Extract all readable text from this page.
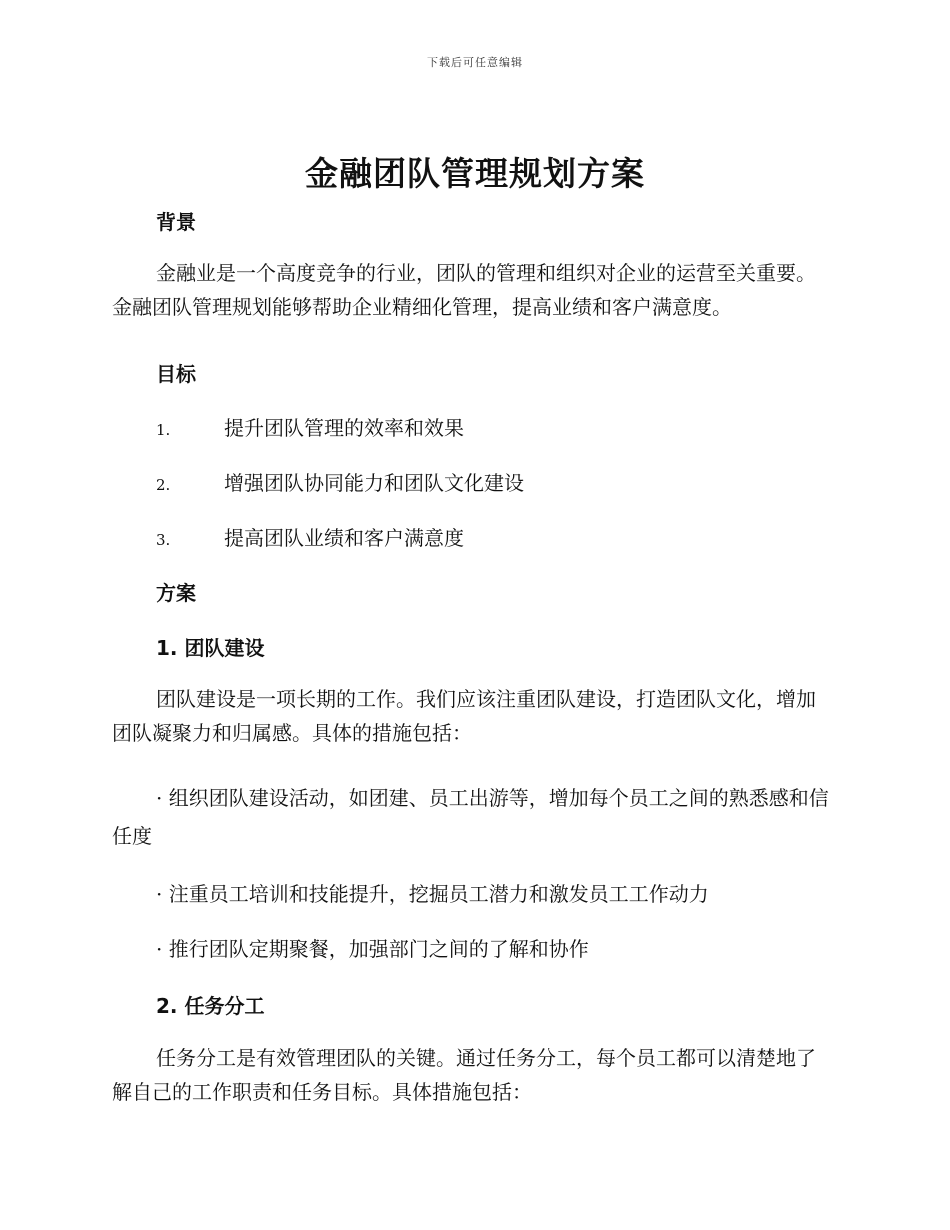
下载后可任意编辑
金融团队管理规划方案
背景

金融业是一个高度竞争的行业，团队的管理和组织对企业的运营至关重要。金融团队管理规划能够帮助企业精细化管理，提高业绩和客户满意度。

目标
1.	提升团队管理的效率和效果
2.	增强团队协同能力和团队文化建设
3.	提高团队业绩和客户满意度
方案
1. 团队建设

团队建设是一项长期的工作。我们应该注重团队建设，打造团队文化，增加团队凝聚力和归属感。具体的措施包括：

· 组织团队建设活动，如团建、员工出游等，增加每个员工之间的熟悉感和信任度

· 注重员工培训和技能提升，挖掘员工潜力和激发员工工作动力

· 推行团队定期聚餐，加强部门之间的了解和协作

2. 任务分工

任务分工是有效管理团队的关键。通过任务分工，每个员工都可以清楚地了解自己的工作职责和任务目标。具体措施包括：
